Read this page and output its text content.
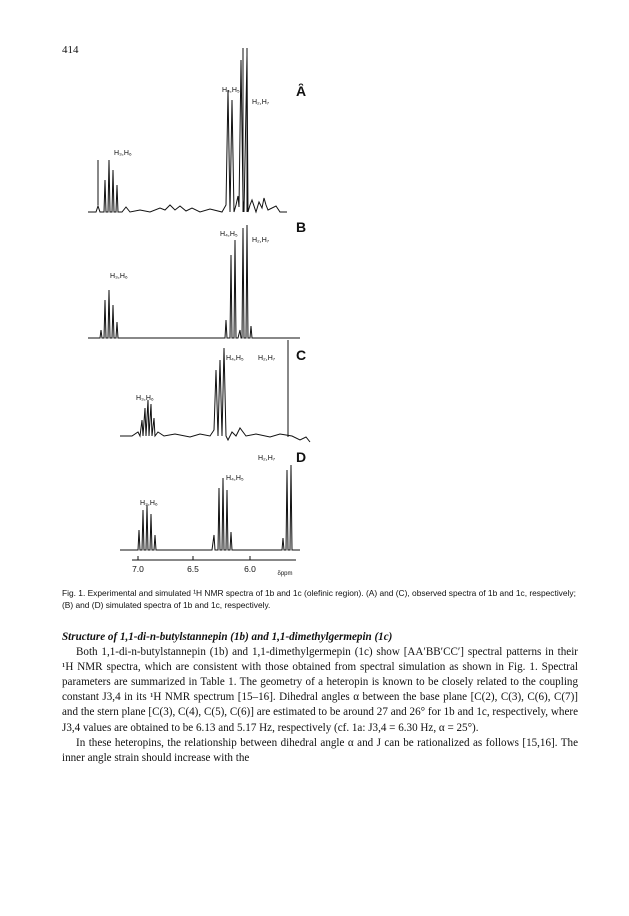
414
Ȃ
B
C
D
H₄,H₅
H₂,H₇
H₃,H₆
H₄,H₅
H₂,H₇
H₃,H₆
H₄,H₅ H₂,H₇
H₃,H₆
H₂,H₇
H₄,H₅
H₃,H₆
7.0	6.5	6.0	δppm
Fig. 1. Experimental and simulated ¹H NMR spectra of 1b and 1c (olefinic region). (A) and (C), observed spectra of 1b and 1c, respectively; (B) and (D) simulated spectra of 1b and 1c, respectively.

Structure of 1,1-di-n-butylstannepin (1b) and 1,1-dimethylgermepin (1c)

Both 1,1-di-n-butylstannepin (1b) and 1,1-dimethylgermepin (1c) show [AA′BB′CC′] spectral patterns in their ¹H NMR spectra, which are consistent with those obtained from spectral simulation as shown in Fig. 1. Spectral parameters are summarized in Table 1. The geometry of a heteropin is known to be closely related to the coupling constant J3,4 in its ¹H NMR spectrum [15–16]. Dihedral angles α between the base plane [C(2), C(3), C(6), C(7)] and the stern plane [C(3), C(4), C(5), C(6)] are estimated to be around 27 and 26° for 1b and 1c, respectively, where J3,4 values are obtained to be 6.13 and 5.17 Hz, respectively (cf. 1a: J3,4 = 6.30 Hz, α = 25°).

In these heteropins, the relationship between dihedral angle α and J can be rationalized as follows [15,16]. The inner angle strain should increase with the
